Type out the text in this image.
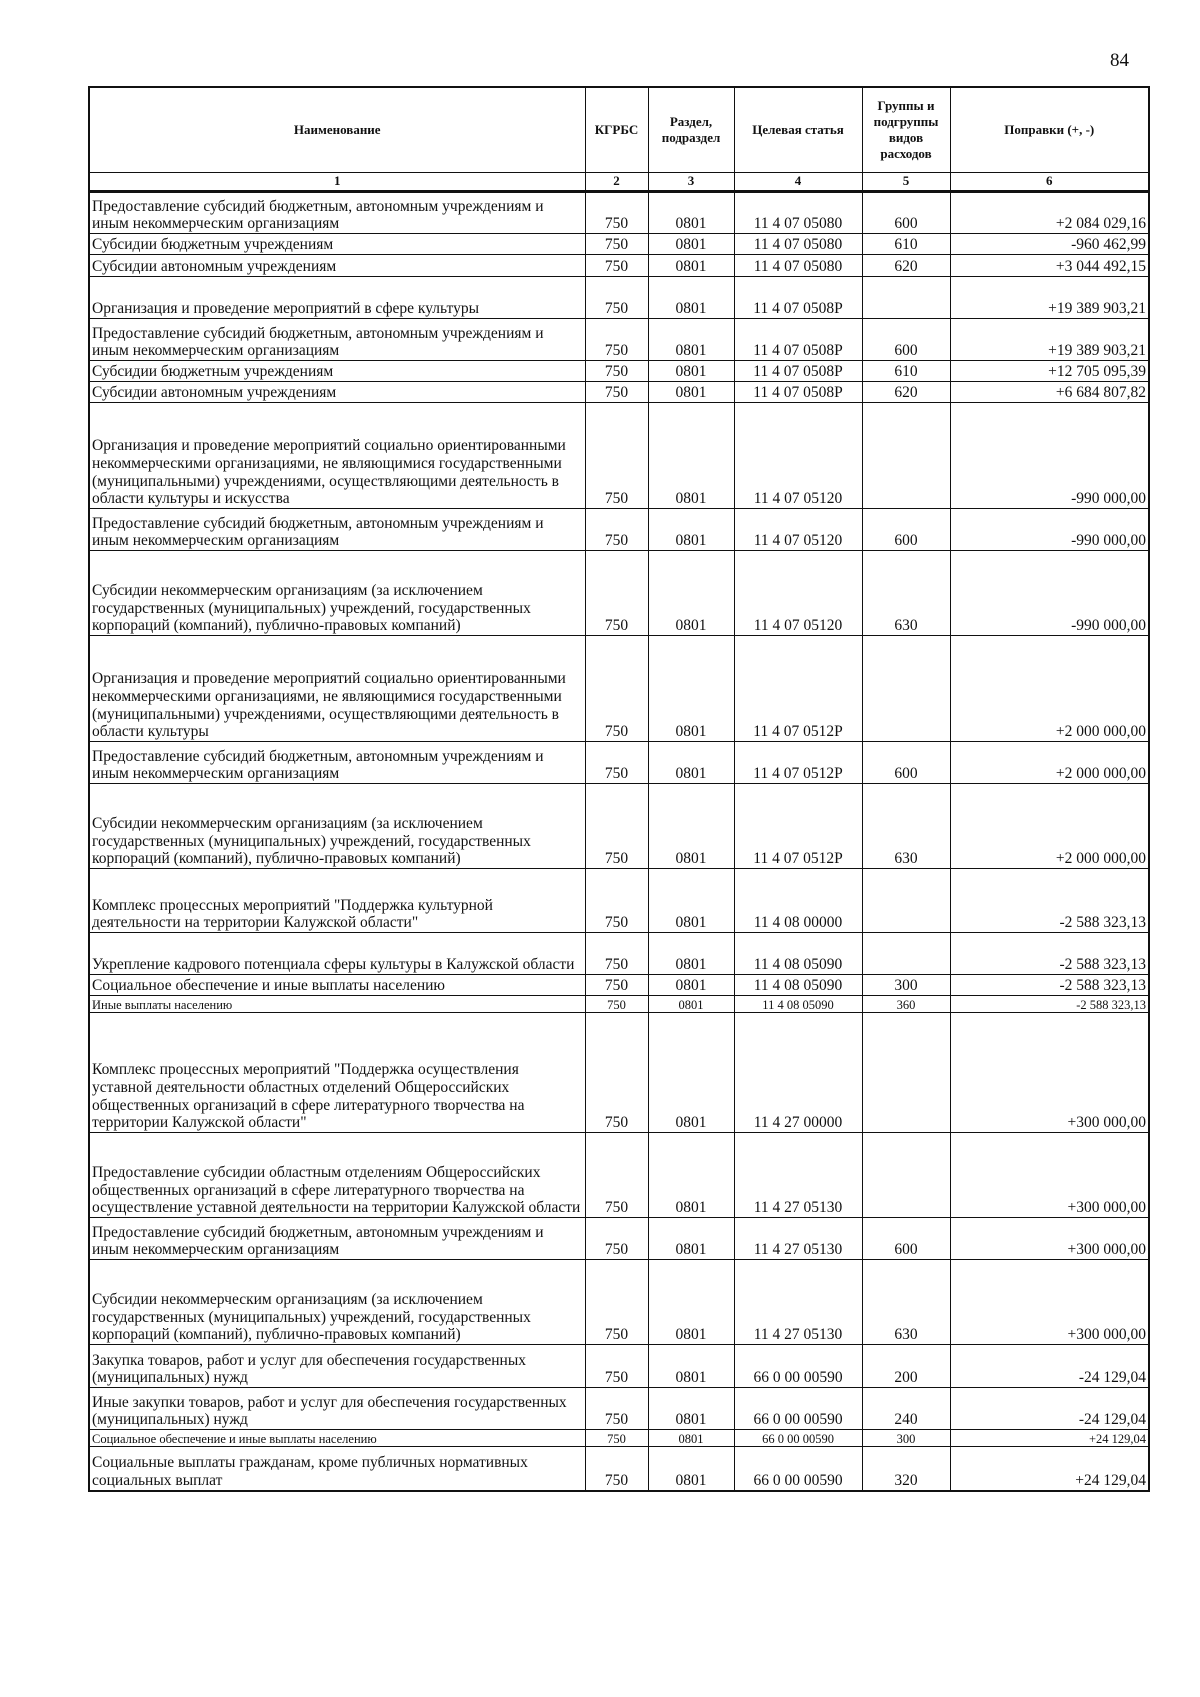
84
Наименование	КГРБС	Раздел, подраздел	Целевая статья	Группы и подгруппы видов расходов	Поправки (+, -)
1	2	3	4	5	6
Предоставление субсидий бюджетным, автономным учреждениям и иным некоммерческим организациям	750	0801	11 4 07 05080	600	+2 084 029,16
Субсидии бюджетным учреждениям	750	0801	11 4 07 05080	610	-960 462,99
Субсидии автономным учреждениям	750	0801	11 4 07 05080	620	+3 044 492,15
Организация и проведение мероприятий в сфере культуры	750	0801	11 4 07 0508Р		+19 389 903,21
Предоставление субсидий бюджетным, автономным учреждениям и иным некоммерческим организациям	750	0801	11 4 07 0508Р	600	+19 389 903,21
Субсидии бюджетным учреждениям	750	0801	11 4 07 0508Р	610	+12 705 095,39
Субсидии автономным учреждениям	750	0801	11 4 07 0508Р	620	+6 684 807,82
Организация и проведение мероприятий социально ориентированными некоммерческими организациями, не являющимися государственными (муниципальными) учреждениями, осуществляющими деятельность в области культуры и искусства	750	0801	11 4 07 05120		-990 000,00
Предоставление субсидий бюджетным, автономным учреждениям и иным некоммерческим организациям	750	0801	11 4 07 05120	600	-990 000,00
Субсидии некоммерческим организациям (за исключением государственных (муниципальных) учреждений, государственных корпораций (компаний), публично-правовых компаний)	750	0801	11 4 07 05120	630	-990 000,00
Организация и проведение мероприятий социально ориентированными некоммерческими организациями, не являющимися государственными (муниципальными) учреждениями, осуществляющими деятельность в области культуры	750	0801	11 4 07 0512Р		+2 000 000,00
Предоставление субсидий бюджетным, автономным учреждениям и иным некоммерческим организациям	750	0801	11 4 07 0512Р	600	+2 000 000,00
Субсидии некоммерческим организациям (за исключением государственных (муниципальных) учреждений, государственных корпораций (компаний), публично-правовых компаний)	750	0801	11 4 07 0512Р	630	+2 000 000,00
Комплекс процессных мероприятий "Поддержка культурной деятельности на территории Калужской области"	750	0801	11 4 08 00000		-2 588 323,13
Укрепление кадрового потенциала сферы культуры в Калужской области	750	0801	11 4 08 05090		-2 588 323,13
Социальное обеспечение и иные выплаты населению	750	0801	11 4 08 05090	300	-2 588 323,13
Иные выплаты населению	750	0801	11 4 08 05090	360	-2 588 323,13
Комплекс процессных мероприятий "Поддержка осуществления уставной деятельности областных отделений Общероссийских общественных организаций в сфере литературного творчества на территории Калужской области"	750	0801	11 4 27 00000		+300 000,00
Предоставление субсидии областным отделениям Общероссийских общественных организаций в сфере литературного творчества на осуществление уставной деятельности на территории Калужской области	750	0801	11 4 27 05130		+300 000,00
Предоставление субсидий бюджетным, автономным учреждениям и иным некоммерческим организациям	750	0801	11 4 27 05130	600	+300 000,00
Субсидии некоммерческим организациям (за исключением государственных (муниципальных) учреждений, государственных корпораций (компаний), публично-правовых компаний)	750	0801	11 4 27 05130	630	+300 000,00
Закупка товаров, работ и услуг для обеспечения государственных (муниципальных) нужд	750	0801	66 0 00 00590	200	-24 129,04
Иные закупки товаров, работ и услуг для обеспечения государственных (муниципальных) нужд	750	0801	66 0 00 00590	240	-24 129,04
Социальное обеспечение и иные выплаты населению	750	0801	66 0 00 00590	300	+24 129,04
Социальные выплаты гражданам, кроме публичных нормативных социальных выплат	750	0801	66 0 00 00590	320	+24 129,04
